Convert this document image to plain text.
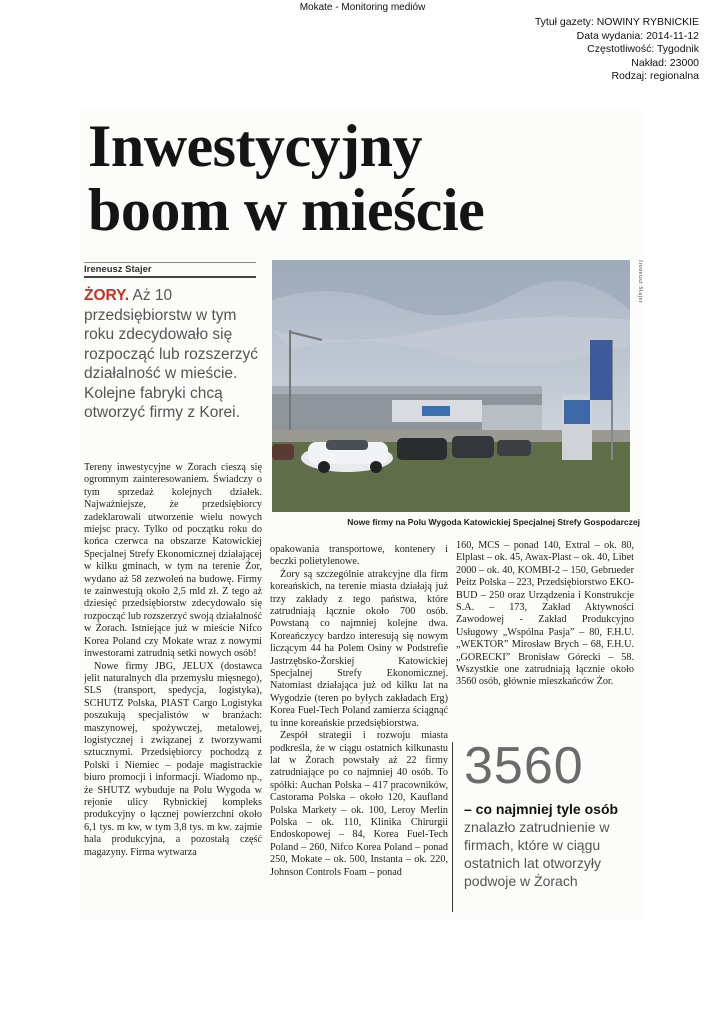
Mokate - Monitoring mediów
Tytuł gazety: NOWINY RYBNICKIE
Data wydania: 2014-11-12
Częstotliwość: Tygodnik
Nakład: 23000
Rodzaj: regionalna
Inwestycyjny
boom w mieście
Ireneusz Stajer
ŻORY. Aż 10 przedsiębiorstw w tym roku zdecydowało się rozpocząć lub rozszerzyć działalność w mieście. Kolejne fabryki chcą otworzyć firmy z Korei.
Ireneusz Stajer
Nowe firmy na Polu Wygoda Katowickiej Specjalnej Strefy Gospodarczej

Tereny inwestycyjne w Żorach cieszą się ogromnym zainteresowaniem. Świadczy o tym sprzedaż kolejnych działek. Najważniejsze, że przedsiębiorcy zadeklarowali utworzenie wielu nowych miejsc pracy. Tylko od początku roku do końca czerwca na obszarze Katowickiej Specjalnej Strefy Ekonomicznej działającej w kilku gminach, w tym na terenie Żor, wydano aż 58 zezwoleń na budowę. Firmy te zainwestują około 2,5 mld zł. Z tego aż dziesięć przedsiębiorstw zdecydowało się rozpocząć lub rozszerzyć swoją działalność w Żorach. Istniejące już w mieście Nifco Korea Poland czy Mokate wraz z nowymi inwestorami zatrudnią setki nowych osób!

Nowe firmy JBG, JELUX (dostawca jelit naturalnych dla przemysłu mięsnego), SLS (transport, spedycja, logistyka), SCHUTZ Polska, PIAST Cargo Logistyka poszukują specjalistów w branżach: maszynowej, spożywczej, metalowej, logistycznej i związanej z tworzywami sztucznymi. Przedsiębiorcy pochodzą z Polski i Niemiec – podaje magistrackie biuro promocji i informacji. Wiadomo np., że SHUTZ wybuduje na Polu Wygoda w rejonie ulicy Rybnickiej kompleks produkcyjny o łącznej powierzchni około 6,1 tys. m kw, w tym 3,8 tys. m kw. zajmie hala produkcyjna, a pozostałą część magazyny. Firma wytwarza

opakowania transportowe, kontenery i beczki polietylenowe.

Żory są szczególnie atrakcyjne dla firm koreańskich, na terenie miasta działają już trzy zakłady z tego państwa, które zatrudniają łącznie około 700 osób. Powstaną co najmniej kolejne dwa. Koreańczycy bardzo interesują się nowym liczącym 44 ha Polem Osiny w Podstrefie Jastrzębsko-Żorskiej Katowickiej Specjalnej Strefy Ekonomicznej. Natomiast działająca już od kilku lat na Wygodzie (teren po byłych zakładach Erg) Korea Fuel-Tech Poland zamierza ściągnąć tu inne koreańskie przedsiębiorstwa.

Zespół strategii i rozwoju miasta podkreśla, że w ciągu ostatnich kilkunastu lat w Żorach powstały aż 22 firmy zatrudniające po co najmniej 40 osób. To spółki: Auchan Polska – 417 pracowników, Castorama Polska – około 120, Kaufland Polska Markety – ok. 100, Leroy Merlin Polska – ok. 110, Klinika Chirurgii Endoskopowej – 84, Korea Fuel-Tech Poland – 260, Nifco Korea Poland – ponad 250, Mokate – ok. 500, Instanta – ok. 220, Johnson Controls Foam – ponad

160, MCS – ponad 140, Extral – ok. 80, Elplast – ok. 45, Awax-Plast – ok. 40, Libet 2000 – ok. 40, KOMBI-2 – 150, Gebrueder Peitz Polska – 223, Przedsiębiorstwo EKO-BUD – 250 oraz Urządzenia i Konstrukcje S.A. – 173, Zakład Aktywności Zawodowej - Zakład Produkcyjno Usługowy „Wspólna Pasja” – 80, F.H.U. „WEKTOR” Mirosław Brych – 68, F.H.U. „GORECKI” Bronisław Górecki – 58. Wszystkie one zatrudniają łącznie około 3560 osób, głównie mieszkańców Żor.

3560
– co najmniej tyle osób znalazło zatrudnienie w firmach, które w ciągu ostatnich lat otworzyły podwoje w Żorach
